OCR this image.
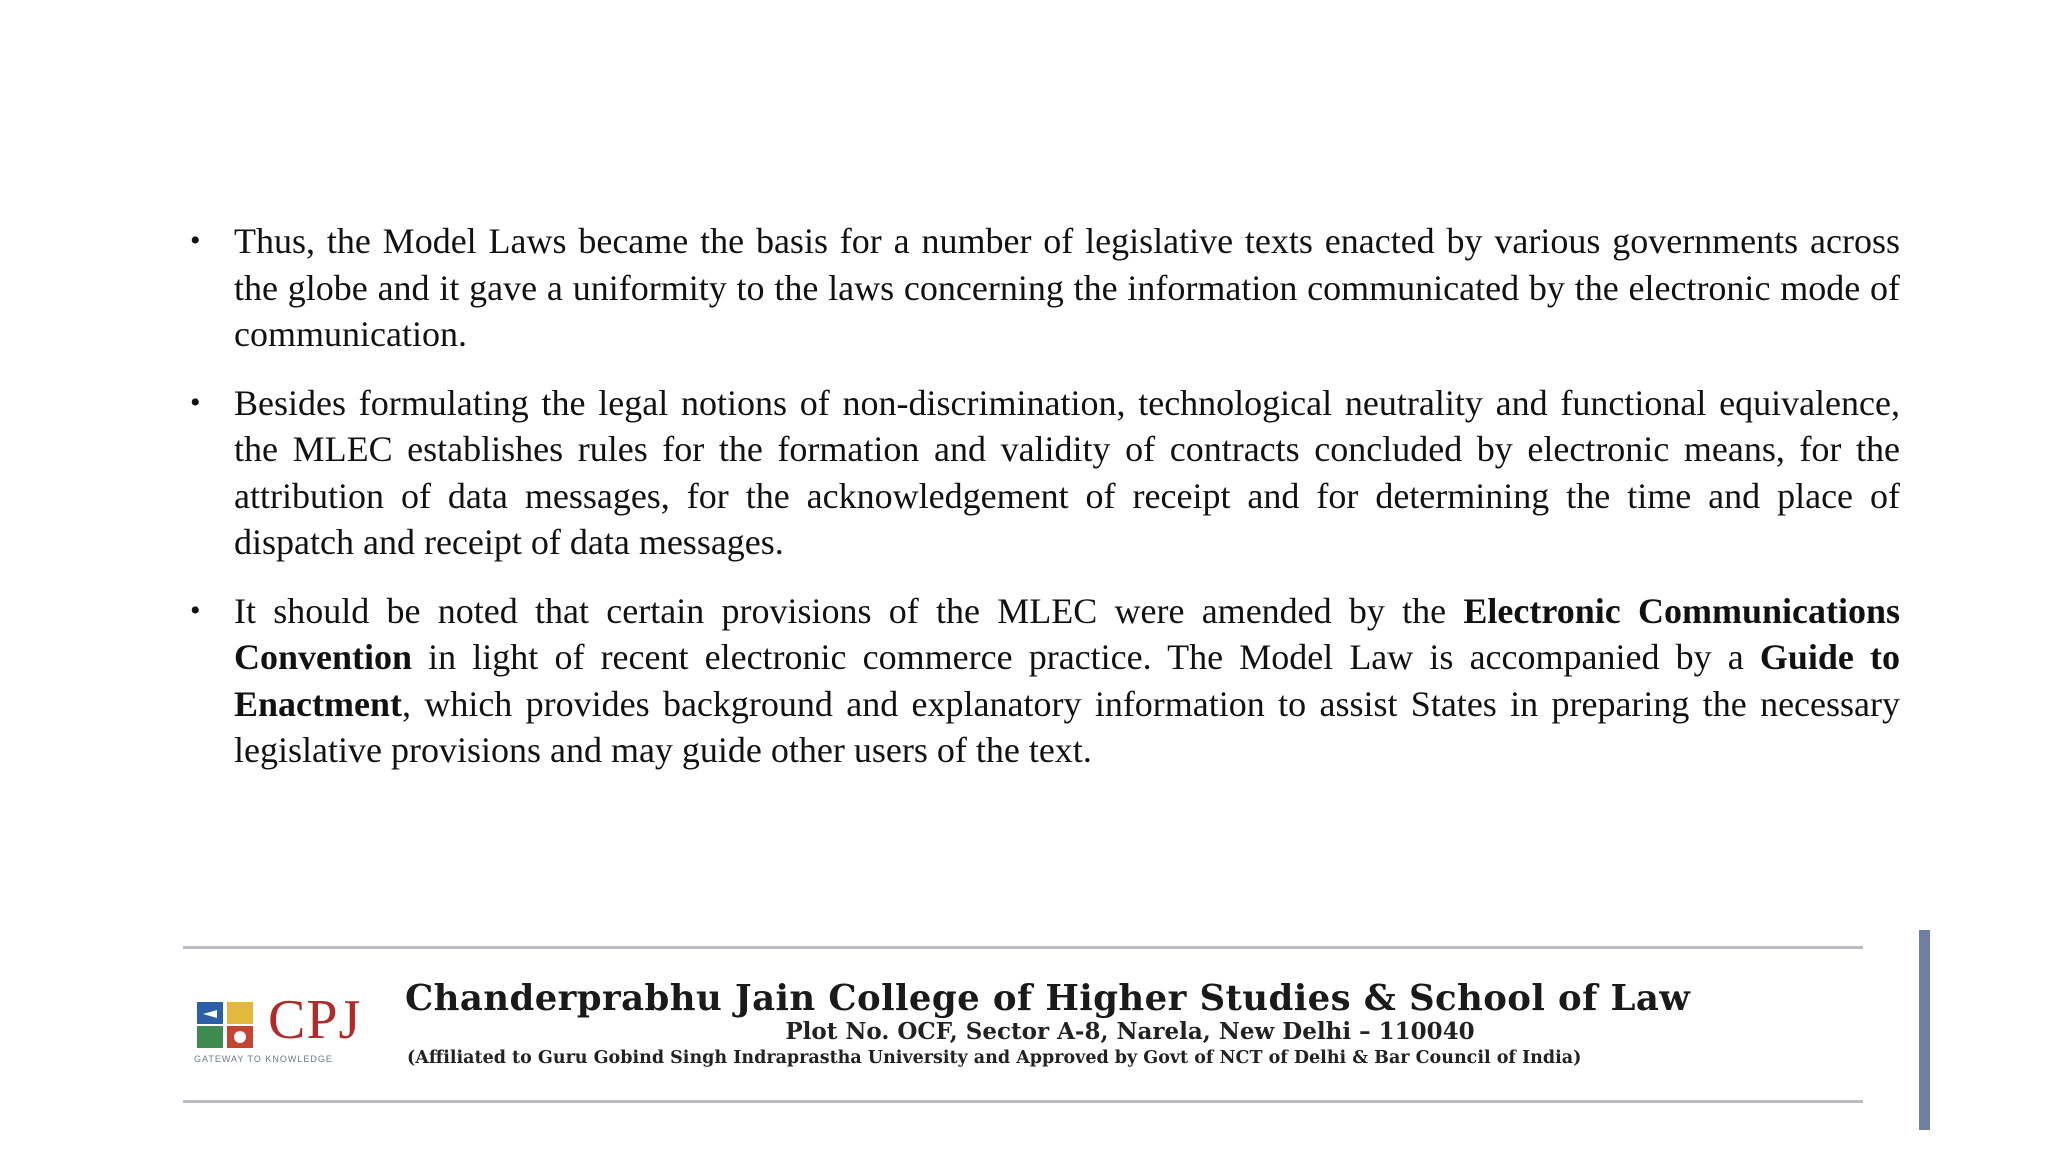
• Thus, the Model Laws became the basis for a number of legislative texts enacted by various governments across the globe and it gave a uniformity to the laws concerning the information communicated by the electronic mode of communication.
• Besides formulating the legal notions of non-discrimination, technological neutrality and functional equivalence, the MLEC establishes rules for the formation and validity of contracts concluded by electronic means, for the attribution of data messages, for the acknowledgement of receipt and for determining the time and place of dispatch and receipt of data messages.
• It should be noted that certain provisions of the MLEC were amended by the Electronic Communications Convention in light of recent electronic commerce practice. The Model Law is accompanied by a Guide to Enactment, which provides background and explanatory information to assist States in preparing the necessary legislative provisions and may guide other users of the text.
CPJ
GATEWAY TO KNOWLEDGE
Chanderprabhu Jain College of Higher Studies & School of Law
Plot No. OCF, Sector A-8, Narela, New Delhi – 110040
(Affiliated to Guru Gobind Singh Indraprastha University and Approved by Govt of NCT of Delhi & Bar Council of India)
